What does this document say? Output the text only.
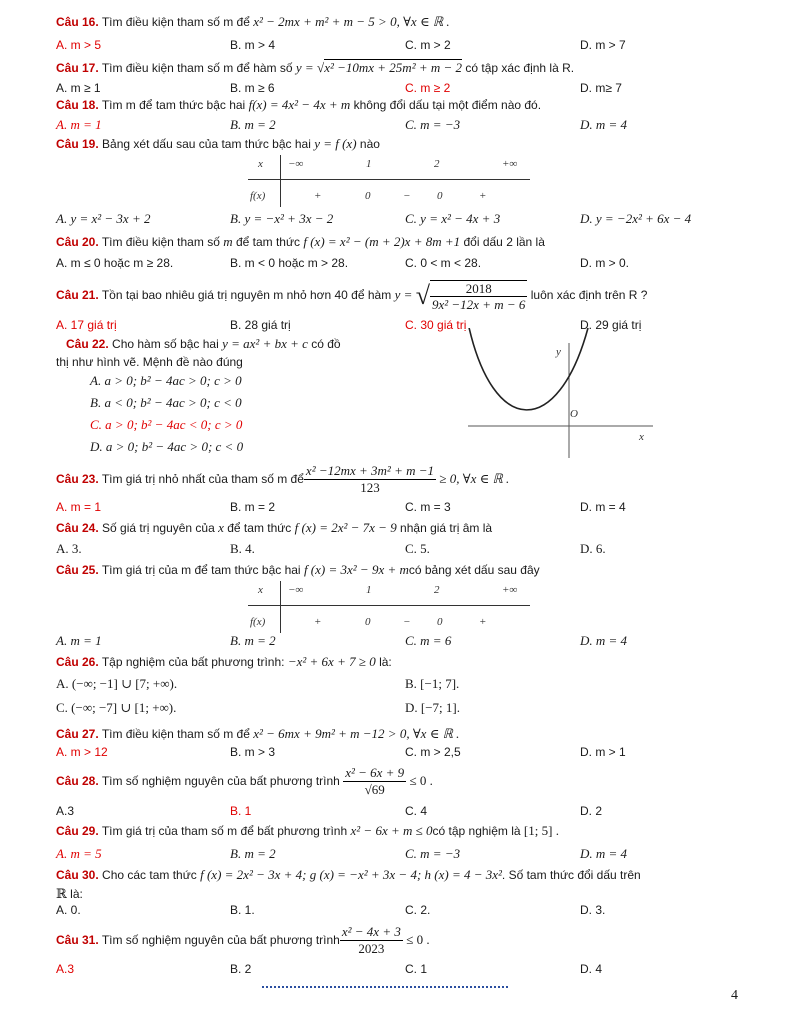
Câu 16. Tìm điều kiện tham số m để x² − 2mx + m² + m − 5 > 0, ∀x ∈ ℝ .
A. m > 5	B. m > 4	C. m > 2	D. m > 7
Câu 17. Tìm điều kiện tham số m để hàm số y = √x² −10mx + 25m² + m − 2 có tập xác định là R.
A. m ≥ 1	B. m ≥ 6	C. m ≥ 2	D. m≥ 7
Câu 18. Tìm m để tam thức bậc hai f(x) = 4x² − 4x + m không đổi dấu tại một điểm nào đó.
A. m = 1	B. m = 2	C. m = −3	D. m = 4
Câu 19. Bảng xét dấu sau của tam thức bậc hai y = f (x) nào
x −∞	1	2	+∞
f(x)	+	0	− 0	+
A. y = x² − 3x + 2	B. y = −x² + 3x − 2	C. y = x² − 4x + 3	D. y = −2x² + 6x − 4
Câu 20. Tìm điều kiện tham số m để tam thức f (x) = x² − (m + 2)x + 8m +1 đổi dấu 2 lần là
A. m ≤ 0 hoặc m ≥ 28.	B. m < 0 hoặc m > 28.	C. 0 < m < 28.	D. m > 0.
Câu 21. Tồn tại bao nhiêu giá trị nguyên m nhỏ hơn 40 để hàm y = √ $\frac{2018}{\text{9x² −12x + m − 6}}$ luôn xác định trên R ?
A. 17 giá trị	B. 28 giá trị	C. 30 giá trị	D. 29 giá trị
Câu 22. Cho hàm số bậc hai y = ax² + bx + c có đồ
thị như hình vẽ. Mệnh đề nào đúng
A. a > 0; b² − 4ac > 0; c > 0
B. a < 0; b² − 4ac > 0; c < 0
C. a > 0; b² − 4ac < 0; c > 0
D. a > 0; b² − 4ac > 0; c < 0
y
x
O
Câu 23. Tìm giá trị nhỏ nhất của tham số m để $\frac{\text{x² −12mx + 3m² + m −1}}{123} \ge 0$, ∀x ∈ ℝ .
A. m = 1	B. m = 2	C. m = 3	D. m = 4
Câu 24. Số giá trị nguyên của x để tam thức f (x) = 2x² − 7x − 9 nhận giá trị âm là
A. 3.	B. 4.	C. 5.	D. 6.
Câu 25. Tìm giá trị của m để tam thức bậc hai f (x) = 3x² − 9x + mcó bảng xét dấu sau đây
x −∞	1	2	+∞
f(x)	+	0	− 0	+
A. m = 1	B. m = 2	C. m = 6	D. m = 4
Câu 26. Tập nghiệm của bất phương trình: −x² + 6x + 7 ≥ 0 là:
A. (−∞; −1] ∪ [7; +∞).	B. [−1; 7].
C. (−∞; −7] ∪ [1; +∞).	D. [−7; 1].
Câu 27. Tìm điều kiện tham số m để x² − 6mx + 9m² + m −12 > 0, ∀x ∈ ℝ .
A. m > 12	B. m > 3	C. m > 2,5	D. m > 1
Câu 28. Tìm số nghiệm nguyên của bất phương trình $\frac{\text{x² − 6x + 9}}{√69} \le 0$ .
A.3	B. 1	C. 4	D. 2
Câu 29. Tìm giá trị của tham số m để bất phương trình x² − 6x + m ≤ 0có tập nghiệm là [1; 5] .
A. m = 5	B. m = 2	C. m = −3	D. m = 4
Câu 30. Cho các tam thức f (x) = 2x² − 3x + 4; g (x) = −x² + 3x − 4; h (x) = 4 − 3x². Số tam thức đổi dấu trên
ℝ là:
A. 0.	B. 1.	C. 2.	D. 3.
Câu 31. Tìm số nghiệm nguyên của bất phương trình $\frac{\text{x² − 4x + 3}}{2023} \le 0$ .
A.3	B. 2	C. 1	D. 4
4
